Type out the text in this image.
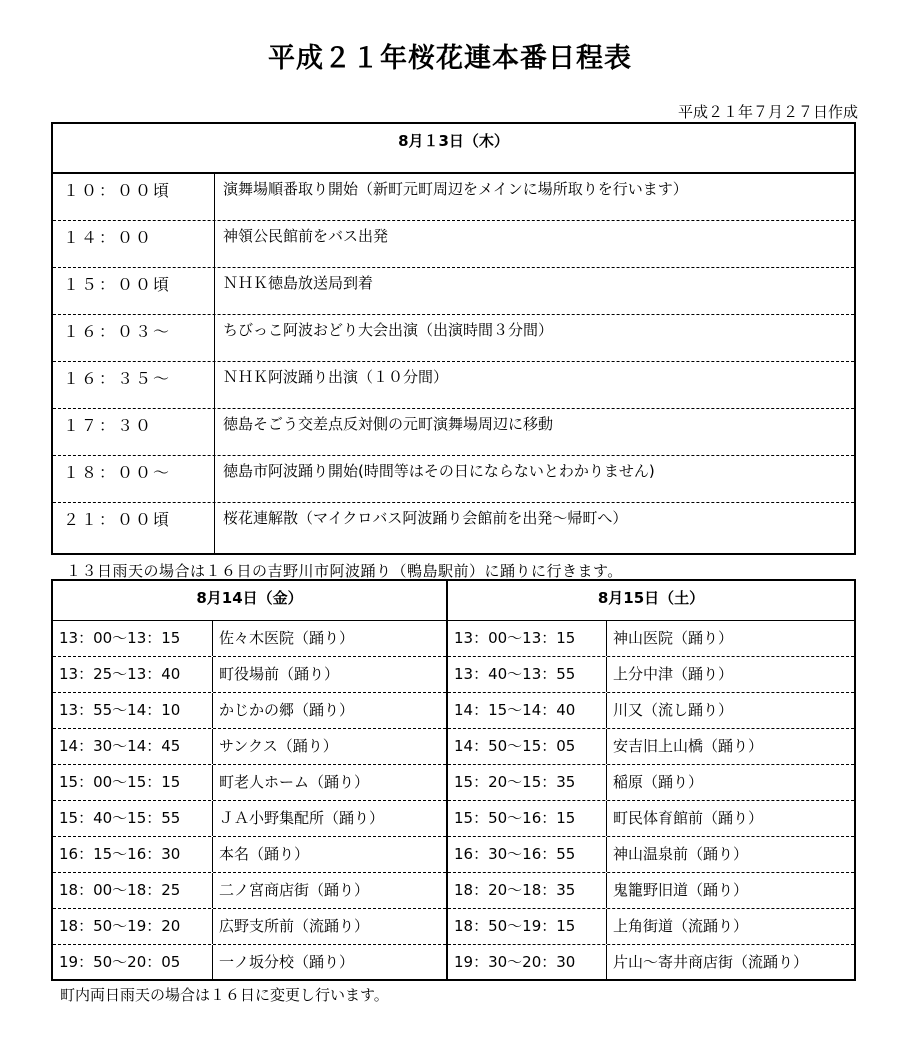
平成２１年桜花連本番日程表
平成２１年７月２７日作成
8月１3日（木）
１０：００頃	演舞場順番取り開始（新町元町周辺をメインに場所取りを行います）
１４：００	神領公民館前をバス出発
１５：００頃	ＮＨＫ徳島放送局到着
１６：０３～	ちびっこ阿波おどり大会出演（出演時間３分間）
１６：３５～	ＮＨＫ阿波踊り出演（１０分間）
１７：３０	徳島そごう交差点反対側の元町演舞場周辺に移動
１８：００～	徳島市阿波踊り開始(時間等はその日にならないとわかりません)
２１：００頃	桜花連解散（マイクロバス阿波踊り会館前を出発～帰町へ）
１３日雨天の場合は１６日の吉野川市阿波踊り（鴨島駅前）に踊りに行きます。
8月14日（金）
13：00～13：15	佐々木医院（踊り）
13：25～13：40	町役場前（踊り）
13：55～14：10	かじかの郷（踊り）
14：30～14：45	サンクス（踊り）
15：00～15：15	町老人ホーム（踊り）
15：40～15：55	ＪＡ小野集配所（踊り）
16：15～16：30	本名（踊り）
18：00～18：25	二ノ宮商店街（踊り）
18：50～19：20	広野支所前（流踊り）
19：50～20：05	一ノ坂分校（踊り）
8月15日（土）
13：00～13：15	神山医院（踊り）
13：40～13：55	上分中津（踊り）
14：15～14：40	川又（流し踊り）
14：50～15：05	安吉旧上山橋（踊り）
15：20～15：35	稲原（踊り）
15：50～16：15	町民体育館前（踊り）
16：30～16：55	神山温泉前（踊り）
18：20～18：35	鬼籠野旧道（踊り）
18：50～19：15	上角街道（流踊り）
19：30～20：30	片山～寄井商店街（流踊り）
町内両日雨天の場合は１６日に変更し行います。
